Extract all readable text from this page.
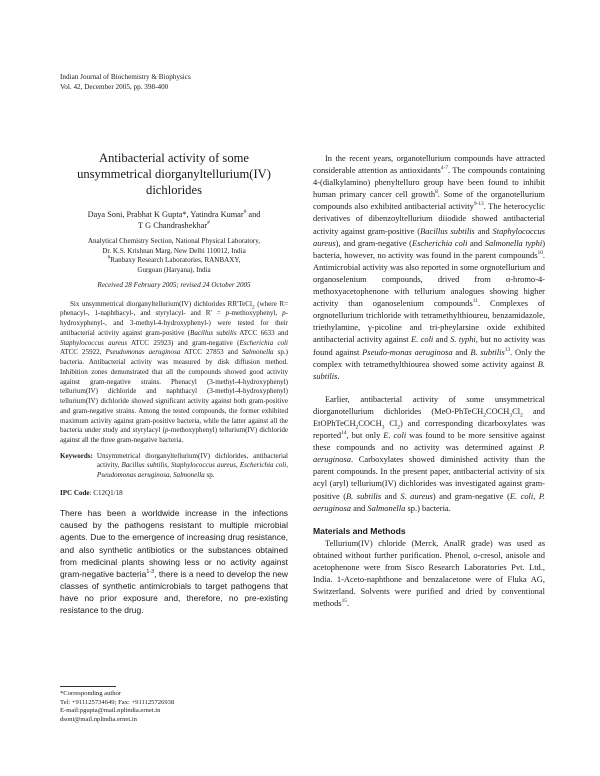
Indian Journal of Biochemistry & Biophysics
Vol. 42, December 2005, pp. 398-400
Antibacterial activity of some unsymmetrical diorganyltellurium(IV) dichlorides
Daya Soni, Prabhat K Gupta*, Yatindra Kumar# and
T G Chandrashekhar#
Analytical Chemistry Section, National Physical Laboratory,
Dr. K.S. Krishnan Marg, New Delhi 110012, India
#Ranbaxy Research Laboratories, RANBAXY,
Gurgoan (Haryana), India
Received 28 February 2005; revised 24 October 2005
Six unsymmetrical diorganyltellurium(IV) dichlorides RR'TeCl$_2$ (where R= phenacyl-, 1-naphthacyl-, and styrylacyl- and R' = p-methoxyphenyl, p-hydroxyphenyl-, and 3-methyl-4-hydroxyphenyl-) were tested for their antibacterial activity against gram-positive (Bacillus subtilis ATCC 6633 and Staphylococcus aureus ATCC 25923) and gram-negative (Escherichia coli ATCC 25922, Pseudomonas aeruginosa ATCC 27853 and Salmonella sp.) bacteria. Antibacterial activity was measured by disk diffusion method. Inhibition zones demonstrated that all the compounds showed good activity against gram-negative strains. Phenacyl (3-methyl-4-hydroxyphenyl) tellurium(IV) dichloride and naphthacyl (3-methyl-4-hydroxyphenyl) tellurium(IV) dichloride showed significant activity against both gram-positive and gram-negative strains. Among the tested compounds, the former exhibited maximum activity against gram-positive bacteria, while the latter against all the bacteria under study and styrylacyl (p-methoxyphenyl) tellurium(IV) dichloride against all the three gram-negative bacteria.
Keywords: Unsymmetrical diorganyltellurium(IV) dichlorides, antibacterial activity, Bacillus subtilis, Staphylococcus aureus, Escherichia coli, Pseudomonas aeruginosa, Salmonella sp.
IPC Code: C12Q1/18

There has been a worldwide increase in the infections caused by the pathogens resistant to multiple microbial agents. Due to the emergence of increasing drug resistance, and also synthetic antibiotics or the substances obtained from medicinal plants showing less or no activity against gram-negative bacteria$^{1-3}$, there is a need to develop the new classes of synthetic antimicrobials to target pathogens that have no prior exposure and, therefore, no pre-existing resistance to the drug.

*Corresponding author
Tel: +911125734649; Fax: +911125726938
E-mail:pgupta@mail.nplindia.ernet.in
dsoni@mail.nplindia.ernet.in

In the recent years, organotellurium compounds have attracted considerable attention as antioxidants$^{4-7}$. The compounds containing 4-(dialkylamino) phenyltelluro group have been found to inhibit human primary cancer cell growth$^8$. Some of the organotellurium compounds also exhibited antibacterial activity$^{9-13}$. The heterocyclic derivatives of dibenzoyltellurium diiodide showed antibacterial activity against gram-positive (Bacillus subtilis and Staphylococcus aureus), and gram-negative (Escherichia coli and Salmonella typhi) bacteria, however, no activity was found in the parent compounds$^{10}$. Antimicrobial activity was also reported in some orgnotellurium and organoselenium compounds, drived from α-bromo-4-methoxyacetophenone with tellurium analogues showing higher activity than oganoselenium compounds$^{11}$. Complexes of orgnotellurium trichloride with tetramethylthioureu, benzamidazole, triethylamine, γ-picoline and tri-pheylarsine oxide exhibited antibacterial activity against E. coli and S. typhi, but no activity was found against Pseudo-monas aeruginosa and B. subtilis$^{13}$. Only the complex with tetramethylthiourea showed some activity against B. subtilis.

Earlier, antibacterial activity of some unsymmetrical diorganotellurium dichlorides ($MeO-PhTeCH_2COCH_3Cl_2$ and $EtOPhTeCH_2COCH_3$ $Cl_2$) and corresponding dicarboxylates was reported$^{14}$, but only E. coli was found to be more sensitive against these compounds and no activity was determined against P. aeruginosa. Carboxylates showed diminished activity than the parent compounds. In the present paper, antibacterial activity of six acyl (aryl) tellurium(IV) dichlorides was investigated against gram-positive (B. subtilis and S. aureus) and gram-negative (E. coli, P. aeruginosa and Salmonella sp.) bacteria.

Materials and Methods

Tellurium(IV) chloride (Merck, AnalR grade) was used as obtained without further purification. Phenol, o-cresol, anisole and acetophenone were from Sisco Research Laboratories Pvt. Ltd., India. 1-Aceto-naphthone and benzalacetone were of Fluka AG, Switzerland. Solvents were purified and dried by conventional methods$^{15}$.
